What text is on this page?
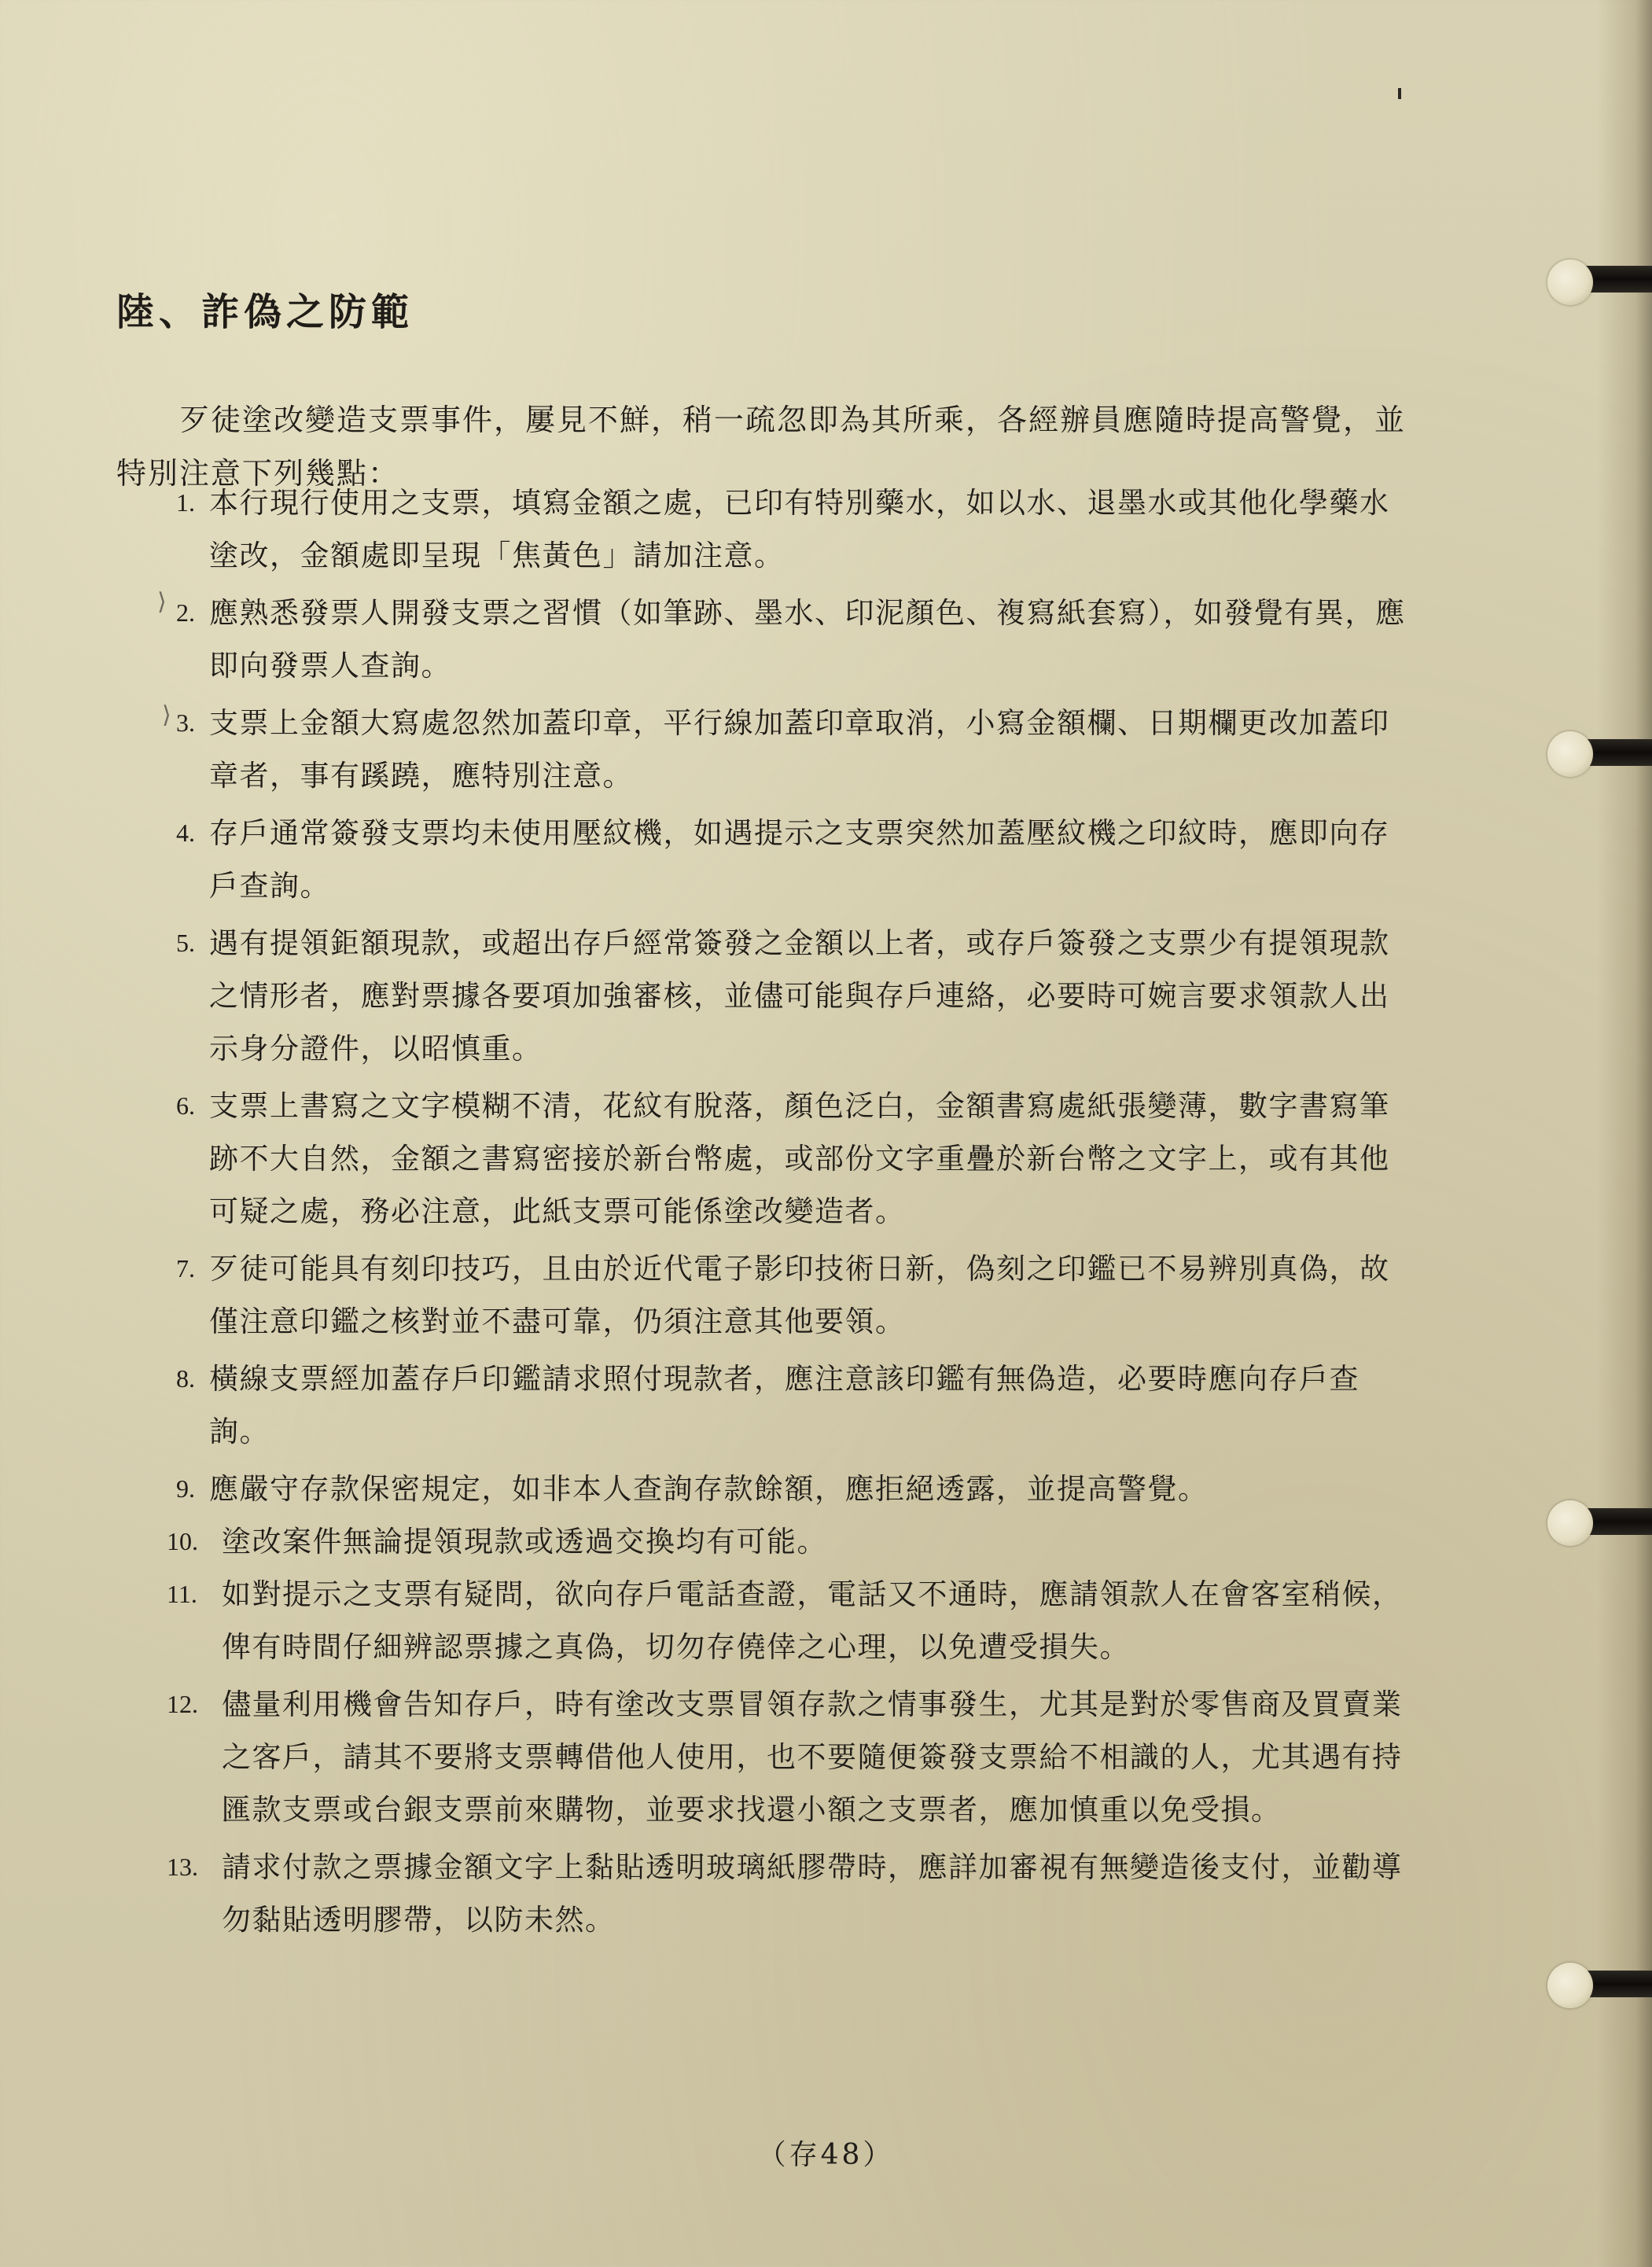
⟩
⟩
陸、詐偽之防範

歹徒塗改變造支票事件，屢見不鮮，稍一疏忽即為其所乘，各經辦員應隨時提高警覺，並特別注意下列幾點：

1. 本行現行使用之支票，填寫金額之處，已印有特別藥水，如以水、退墨水或其他化學藥水塗改，金額處即呈現「焦黃色」請加注意。
2. 應熟悉發票人開發支票之習慣（如筆跡、墨水、印泥顏色、複寫紙套寫），如發覺有異，應即向發票人查詢。
3. 支票上金額大寫處忽然加蓋印章，平行線加蓋印章取消，小寫金額欄、日期欄更改加蓋印章者，事有蹊蹺，應特別注意。
4. 存戶通常簽發支票均未使用壓紋機，如遇提示之支票突然加蓋壓紋機之印紋時，應即向存戶查詢。
5. 遇有提領鉅額現款，或超出存戶經常簽發之金額以上者，或存戶簽發之支票少有提領現款之情形者，應對票據各要項加強審核，並儘可能與存戶連絡，必要時可婉言要求領款人出示身分證件，以昭慎重。
6. 支票上書寫之文字模糊不清，花紋有脫落，顏色泛白，金額書寫處紙張變薄，數字書寫筆跡不大自然，金額之書寫密接於新台幣處，或部份文字重疊於新台幣之文字上，或有其他可疑之處，務必注意，此紙支票可能係塗改變造者。
7. 歹徒可能具有刻印技巧，且由於近代電子影印技術日新，偽刻之印鑑已不易辨別真偽，故僅注意印鑑之核對並不盡可靠，仍須注意其他要領。
8. 橫線支票經加蓋存戶印鑑請求照付現款者，應注意該印鑑有無偽造，必要時應向存戶查詢。
9. 應嚴守存款保密規定，如非本人查詢存款餘額，應拒絕透露，並提高警覺。
10. 塗改案件無論提領現款或透過交換均有可能。
11. 如對提示之支票有疑問，欲向存戶電話查證，電話又不通時，應請領款人在會客室稍候，俾有時間仔細辨認票據之真偽，切勿存僥倖之心理，以免遭受損失。
12. 儘量利用機會告知存戶，時有塗改支票冒領存款之情事發生，尤其是對於零售商及買賣業之客戶，請其不要將支票轉借他人使用，也不要隨便簽發支票給不相識的人，尤其遇有持匯款支票或台銀支票前來購物，並要求找還小額之支票者，應加慎重以免受損。
13. 請求付款之票據金額文字上黏貼透明玻璃紙膠帶時，應詳加審視有無變造後支付，並勸導勿黏貼透明膠帶，以防未然。
（存48）
